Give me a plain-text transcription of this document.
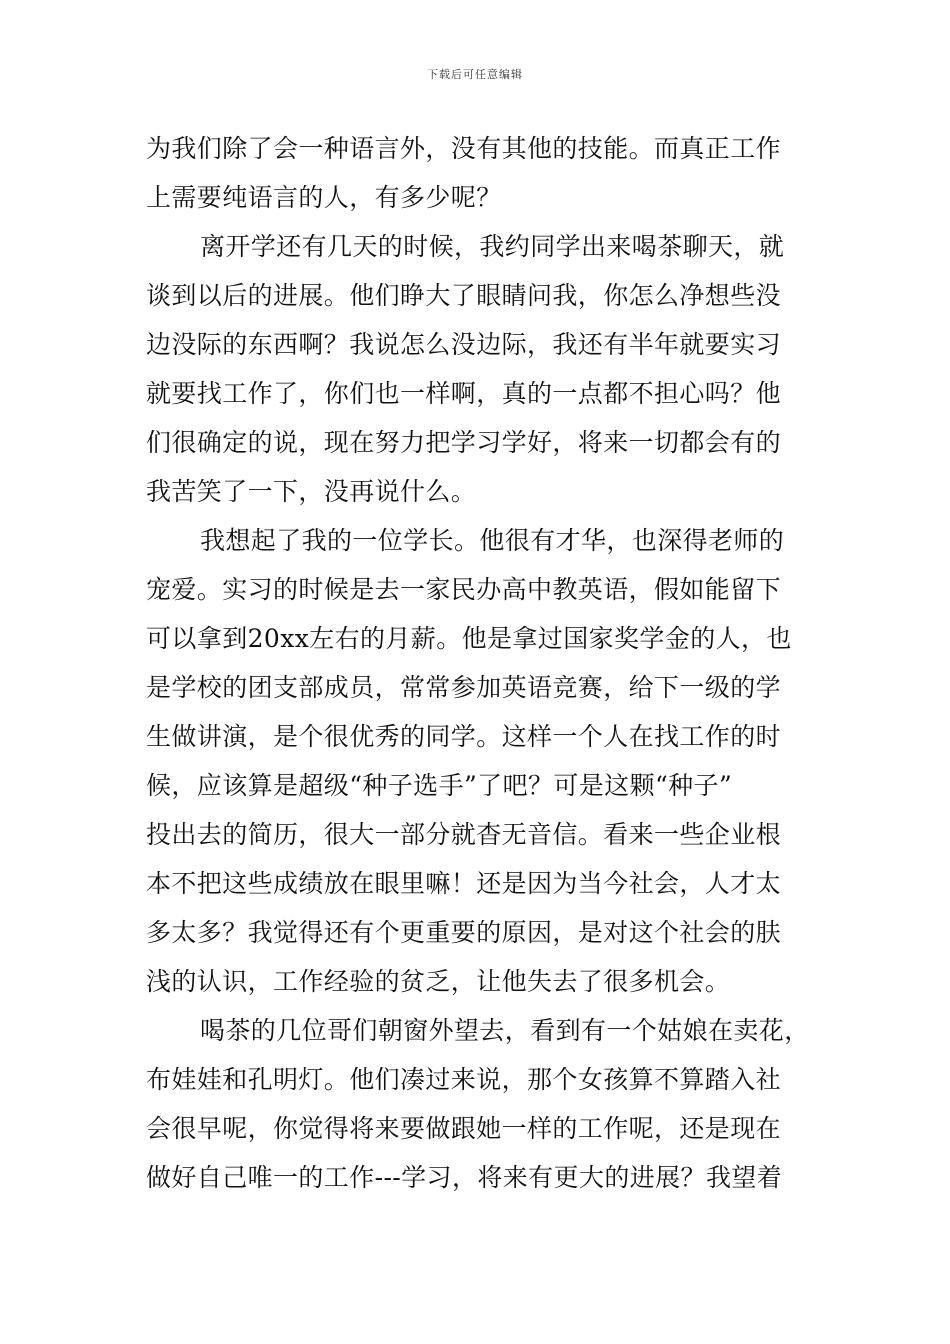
下载后可任意编辑
为我们除了会一种语言外，没有其他的技能。而真正工作
上需要纯语言的人，有多少呢？
离开学还有几天的时候，我约同学出来喝茶聊天，就
谈到以后的进展。他们睁大了眼睛问我，你怎么净想些没
边没际的东西啊？我说怎么没边际，我还有半年就要实习
就要找工作了，你们也一样啊，真的一点都不担心吗？他
们很确定的说，现在努力把学习学好，将来一切都会有的
我苦笑了一下，没再说什么。
我想起了我的一位学长。他很有才华，也深得老师的
宠爱。实习的时候是去一家民办高中教英语，假如能留下
可以拿到20xx左右的月薪。他是拿过国家奖学金的人，也
是学校的团支部成员，常常参加英语竞赛，给下一级的学
生做讲演，是个很优秀的同学。这样一个人在找工作的时
候，应该算是超级“种子选手”了吧？可是这颗“种子”
投出去的简历，很大一部分就杳无音信。看来一些企业根
本不把这些成绩放在眼里嘛！还是因为当今社会，人才太
多太多？我觉得还有个更重要的原因，是对这个社会的肤
浅的认识，工作经验的贫乏，让他失去了很多机会。
喝茶的几位哥们朝窗外望去，看到有一个姑娘在卖花，
布娃娃和孔明灯。他们凑过来说，那个女孩算不算踏入社
会很早呢，你觉得将来要做跟她一样的工作呢，还是现在
做好自己唯一的工作---学习，将来有更大的进展？我望着
